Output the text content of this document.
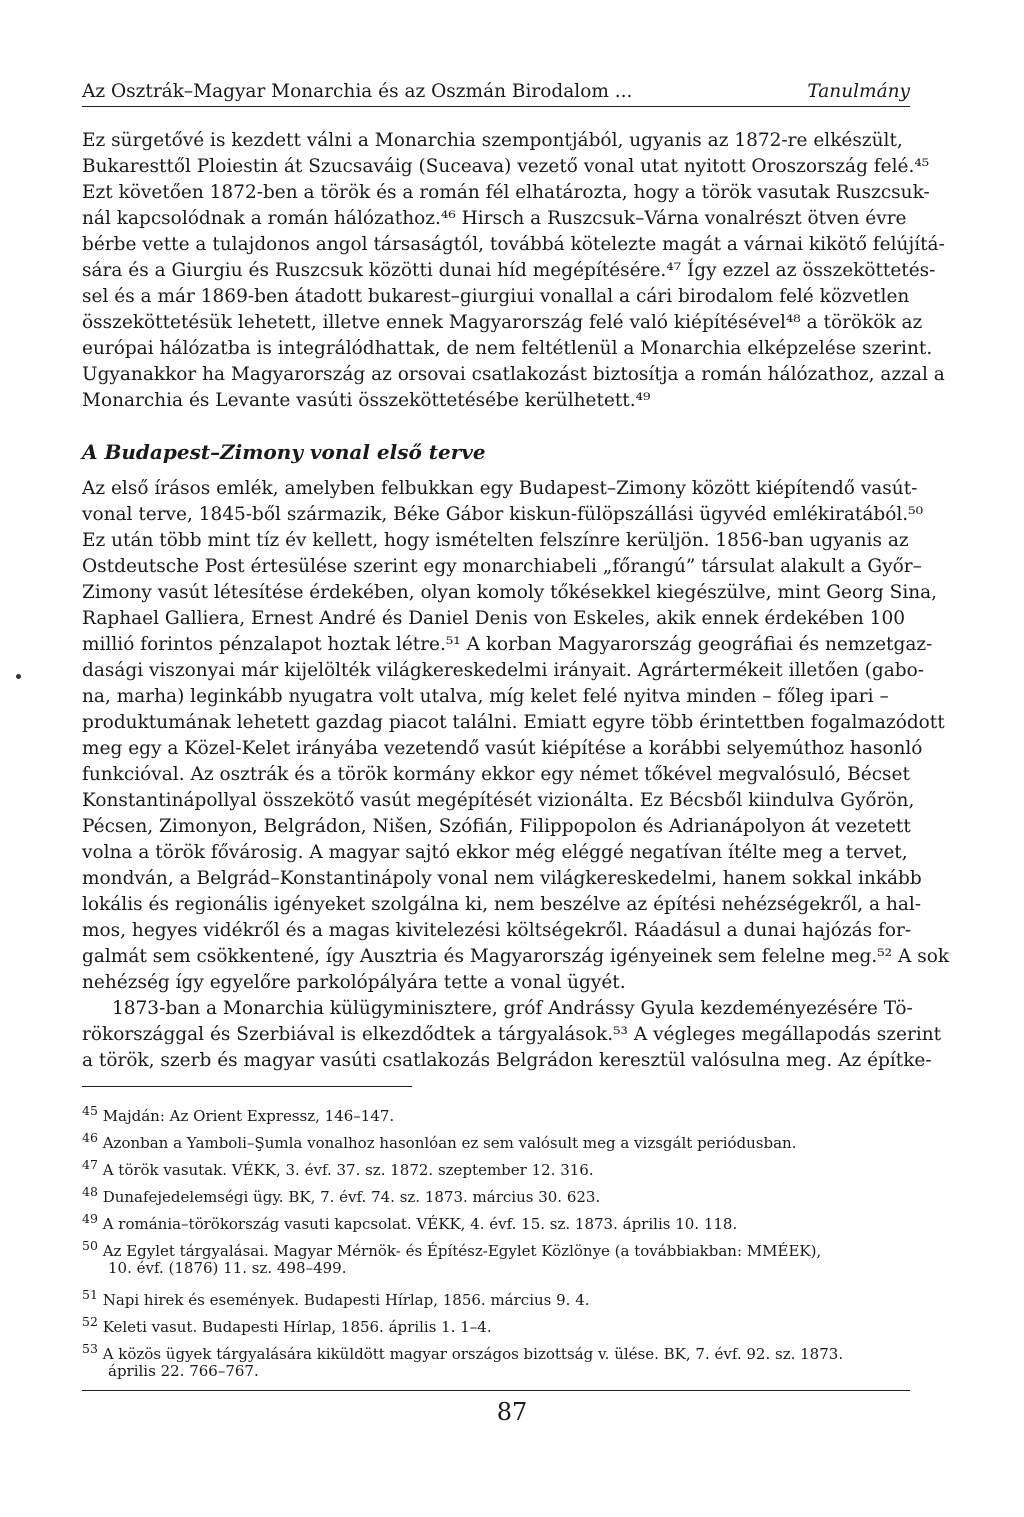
Az Osztrák–Magyar Monarchia és az Oszmán Birodalom ...	Tanulmány
Ez sürgetővé is kezdett válni a Monarchia szempontjából, ugyanis az 1872-re elkészült,
Bukaresttől Ploiestin át Szucsaváig (Suceava) vezető vonal utat nyitott Oroszország felé.⁴⁵
Ezt követően 1872-ben a török és a román fél elhatározta, hogy a török vasutak Ruszcsuk-
nál kapcsolódnak a román hálózathoz.⁴⁶ Hirsch a Ruszcsuk–Várna vonalrészt ötven évre
bérbe vette a tulajdonos angol társaságtól, továbbá kötelezte magát a várnai kikötő felújítá-
sára és a Giurgiu és Ruszcsuk közötti dunai híd megépítésére.⁴⁷ Így ezzel az összeköttetés-
sel és a már 1869-ben átadott bukarest–giurgiui vonallal a cári birodalom felé közvetlen
összeköttetésük lehetett, illetve ennek Magyarország felé való kiépítésével⁴⁸ a törökök az
európai hálózatba is integrálódhattak, de nem feltétlenül a Monarchia elképzelése szerint.
Ugyanakkor ha Magyarország az orsovai csatlakozást biztosítja a román hálózathoz, azzal a
Monarchia és Levante vasúti összeköttetésébe kerülhetett.⁴⁹
A Budapest–Zimony vonal első terve
Az első írásos emlék, amelyben felbukkan egy Budapest–Zimony között kiépítendő vasút-
vonal terve, 1845-ből származik, Béke Gábor kiskun-fülöpszállási ügyvéd emlékiratából.⁵⁰
Ez után több mint tíz év kellett, hogy ismételten felszínre kerüljön. 1856-ban ugyanis az
Ostdeutsche Post értesülése szerint egy monarchiabeli „főrangú” társulat alakult a Győr–
Zimony vasút létesítése érdekében, olyan komoly tőkésekkel kiegészülve, mint Georg Sina,
Raphael Galliera, Ernest André és Daniel Denis von Eskeles, akik ennek érdekében 100
millió forintos pénzalapot hoztak létre.⁵¹ A korban Magyarország geográfiai és nemzetgaz-
dasági viszonyai már kijelölték világkereskedelmi irányait. Agrártermékeit illetően (gabo-
na, marha) leginkább nyugatra volt utalva, míg kelet felé nyitva minden – főleg ipari –
produktumának lehetett gazdag piacot találni. Emiatt egyre több érintettben fogalmazódott
meg egy a Közel-Kelet irányába vezetendő vasút kiépítése a korábbi selyemúthoz hasonló
funkcióval. Az osztrák és a török kormány ekkor egy német tőkével megvalósuló, Bécset
Konstantinápollyal összekötő vasút megépítését vizionálta. Ez Bécsből kiindulva Győrön,
Pécsen, Zimonyon, Belgrádon, Nišen, Szófián, Filippopolon és Adrianápolyon át vezetett
volna a török fővárosig. A magyar sajtó ekkor még eléggé negatívan ítélte meg a tervet,
mondván, a Belgrád–Konstantinápoly vonal nem világkereskedelmi, hanem sokkal inkább
lokális és regionális igényeket szolgálna ki, nem beszélve az építési nehézségekről, a hal-
mos, hegyes vidékről és a magas kivitelezési költségekről. Ráadásul a dunai hajózás for-
galmát sem csökkentené, így Ausztria és Magyarország igényeinek sem felelne meg.⁵² A sok
nehézség így egyelőre parkolópályára tette a vonal ügyét.
1873-ban a Monarchia külügyminisztere, gróf Andrássy Gyula kezdeményezésére Tö-
rökországgal és Szerbiával is elkezdődtek a tárgyalások.⁵³ A végleges megállapodás szerint
a török, szerb és magyar vasúti csatlakozás Belgrádon keresztül valósulna meg. Az építke-
$^{45}$ Majdán: Az Orient Expressz, 146–147.
$^{46}$ Azonban a Yamboli–Şumla vonalhoz hasonlóan ez sem valósult meg a vizsgált periódusban.
$^{47}$ A török vasutak. VÉKK, 3. évf. 37. sz. 1872. szeptember 12. 316.
$^{48}$ Dunafejedelemségi ügy. BK, 7. évf. 74. sz. 1873. március 30. 623.
$^{49}$ A románia–törökország vasuti kapcsolat. VÉKK, 4. évf. 15. sz. 1873. április 10. 118.
$^{50}$ Az Egylet tárgyalásai. Magyar Mérnök- és Építész-Egylet Közlönye (a továbbiakban: MMÉEK),
10. évf. (1876) 11. sz. 498–499.
$^{51}$ Napi hirek és események. Budapesti Hírlap, 1856. március 9. 4.
$^{52}$ Keleti vasut. Budapesti Hírlap, 1856. április 1. 1–4.
$^{53}$ A közös ügyek tárgyalására kiküldött magyar országos bizottság v. ülése. BK, 7. évf. 92. sz. 1873.
április 22. 766–767.
87
